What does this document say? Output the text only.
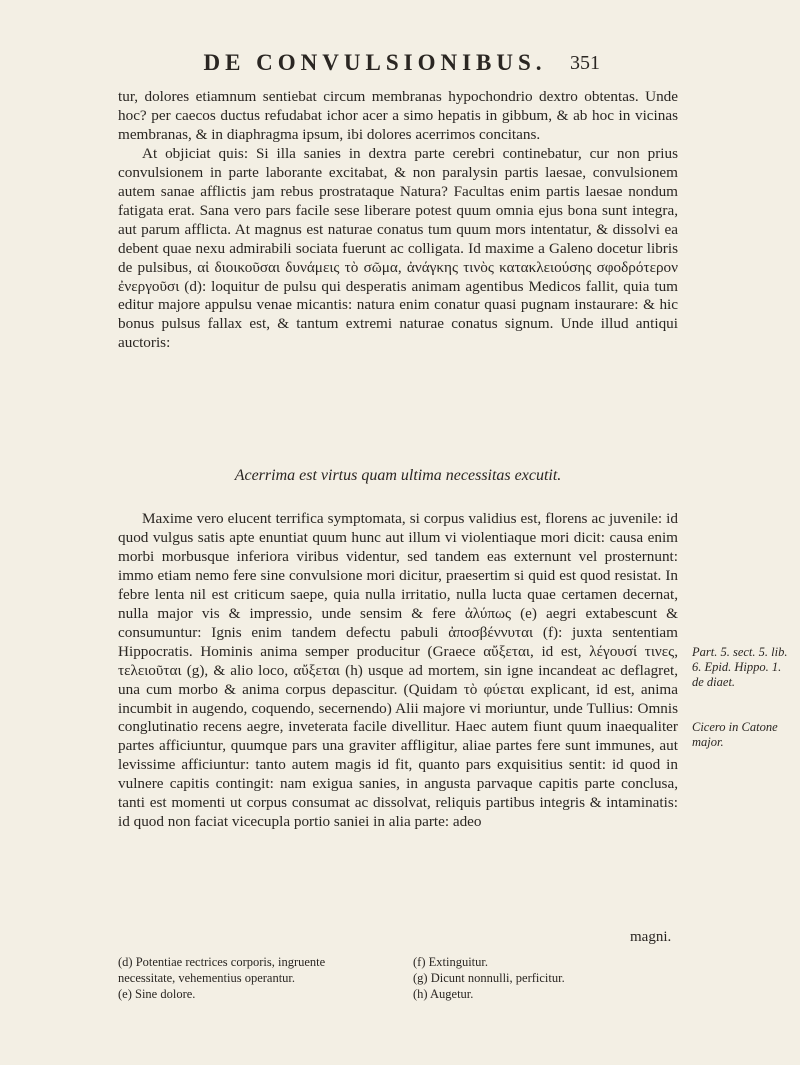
DE CONVULSIONIBUS.	351

tur, dolores etiamnum sentiebat circum membranas hypochondrio dextro obtentas. Unde hoc? per caecos ductus refudabat ichor acer a simo hepatis in gibbum, & ab hoc in vicinas membranas, & in diaphragma ipsum, ibi dolores acerrimos concitans.

At objiciat quis: Si illa sanies in dextra parte cerebri continebatur, cur non prius convulsionem in parte laborante excitabat, & non paralysin partis laesae, convulsionem autem sanae afflictis jam rebus prostrataque Natura? Facultas enim partis laesae nondum fatigata erat. Sana vero pars facile sese liberare potest quum omnia ejus bona sunt integra, aut parum afflicta. At magnus est naturae conatus tum quum mors intentatur, & dissolvi ea debent quae nexu admirabili sociata fuerunt ac colligata. Id maxime a Galeno docetur libris de pulsibus, αἱ διοικοῦσαι δυνάμεις τὸ σῶμα, ἀνάγκης τινὸς κατακλειούσης σφοδρότερον ἐνεργοῦσι (d): loquitur de pulsu qui desperatis animam agentibus Medicos fallit, quia tum editur majore appulsu venae micantis: natura enim conatur quasi pugnam instaurare: & hic bonus pulsus fallax est, & tantum extremi naturae conatus signum. Unde illud antiqui auctoris:

Acerrima est virtus quam ultima necessitas excutit.

Maxime vero elucent terrifica symptomata, si corpus validius est, florens ac juvenile: id quod vulgus satis apte enuntiat quum hunc aut illum vi violentiaque mori dicit: causa enim morbi morbusque inferiora viribus videntur, sed tandem eas externunt vel prosternunt: immo etiam nemo fere sine convulsione mori dicitur, praesertim si quid est quod resistat. In febre lenta nil est criticum saepe, quia nulla irritatio, nulla lucta quae certamen decernat, nulla major vis & impressio, unde sensim & fere ἀλύπως (e) aegri extabescunt & consumuntur: Ignis enim tandem defectu pabuli ἀποσβέννυται (f): juxta sententiam Hippocratis. Hominis anima semper producitur (Graece αὔξεται, id est, λέγουσί τινες, τελειοῦται (g), & alio loco, αὔξεται (h) usque ad mortem, sin igne incandeat ac deflagret, una cum morbo & anima corpus depascitur. (Quidam τὸ φύεται explicant, id est, anima incumbit in augendo, coquendo, secernendo) Alii majore vi moriuntur, unde Tullius: Omnis conglutinatio recens aegre, inveterata facile divellitur. Haec autem fiunt quum inaequaliter partes afficiuntur, quumque pars una graviter affligitur, aliae partes fere sunt immunes, aut levissime afficiuntur: tanto autem magis id fit, quanto pars exquisitius sentit: id quod in vulnere capitis contingit: nam exigua sanies, in angusta parvaque capitis parte conclusa, tanti est momenti ut corpus consumat ac dissolvat, reliquis partibus integris & intaminatis: id quod non faciat vicecupla portio saniei in alia parte: adeo

Part. 5. sect. 5. lib. 6. Epid. Hippo. 1. de diaet.
Cicero in Catone major.
magni.
(d) Potentiae rectrices corporis, ingruente necessitate, vehementius operantur.
(e) Sine dolore.
(f) Extinguitur.
(g) Dicunt nonnulli, perficitur.
(h) Augetur.
